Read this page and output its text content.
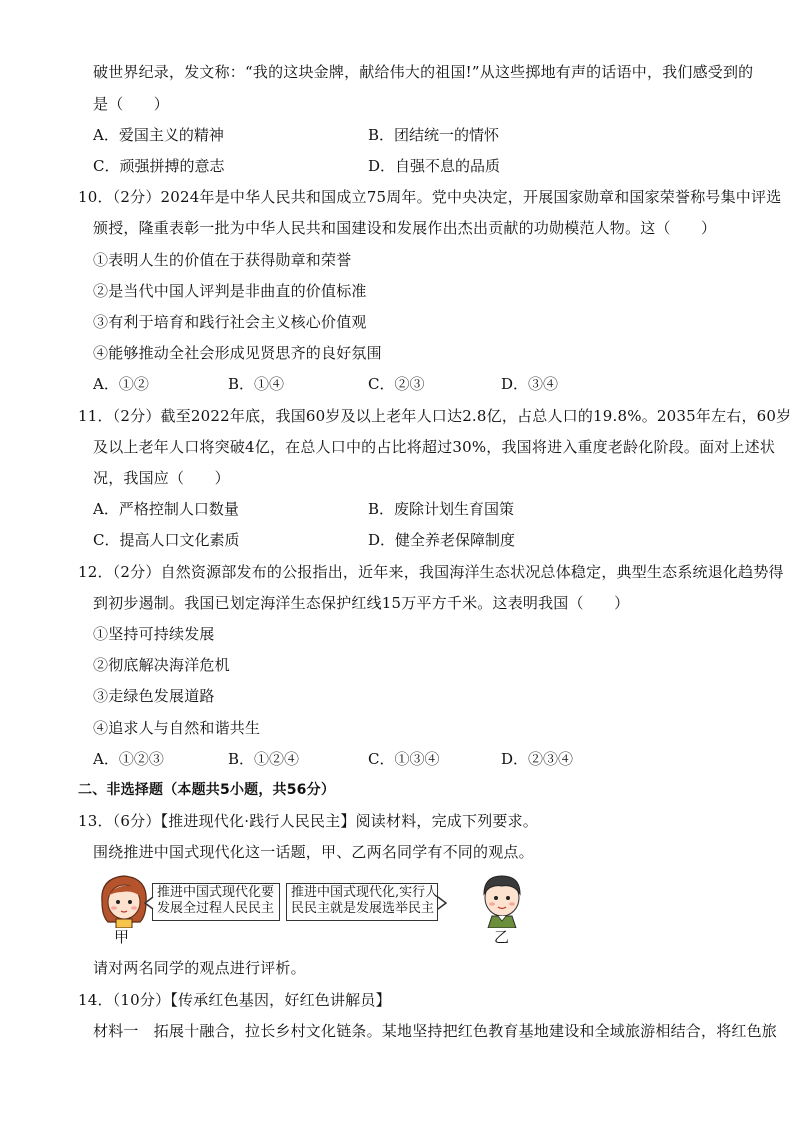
破世界纪录，发文称：“我的这块金牌，献给伟大的祖国!”从这些掷地有声的话语中，我们感受到的
是（　　）
A．爱国主义的精神	B．团结统一的情怀
C．顽强拼搏的意志	D．自强不息的品质
10．（2分）2024年是中华人民共和国成立75周年。党中央决定，开展国家勋章和国家荣誉称号集中评选
颁授，隆重表彰一批为中华人民共和国建设和发展作出杰出贡献的功勋模范人物。这（　　）
①表明人生的价值在于获得勋章和荣誉
②是当代中国人评判是非曲直的价值标准
③有利于培育和践行社会主义核心价值观
④能够推动全社会形成见贤思齐的良好氛围
A．①②	B．①④	C．②③	D．③④
11．（2分）截至2022年底，我国60岁及以上老年人口达2.8亿，占总人口的19.8%。2035年左右，60岁
及以上老年人口将突破4亿，在总人口中的占比将超过30%，我国将进入重度老龄化阶段。面对上述状
况，我国应（　　）
A．严格控制人口数量	B．废除计划生育国策
C．提高人口文化素质	D．健全养老保障制度
12．（2分）自然资源部发布的公报指出，近年来，我国海洋生态状况总体稳定，典型生态系统退化趋势得
到初步遏制。我国已划定海洋生态保护红线15万平方千米。这表明我国（　　）
①坚持可持续发展
②彻底解决海洋危机
③走绿色发展道路
④追求人与自然和谐共生
A．①②③	B．①②④	C．①③④	D．②③④
二、非选择题（本题共5小题，共56分）
13．（6分）【推进现代化·践行人民民主】阅读材料，完成下列要求。
围绕推进中国式现代化这一话题，甲、乙两名同学有不同的观点。
甲
推进中国式现代化要
发展全过程人民民主
推进中国式现代化,实行人
民民主就是发展选举民主
乙
请对两名同学的观点进行评析。
14．（10分）【传承红色基因，好红色讲解员】
材料一　拓展十融合，拉长乡村文化链条。某地坚持把红色教育基地建设和全域旅游相结合，将红色旅
